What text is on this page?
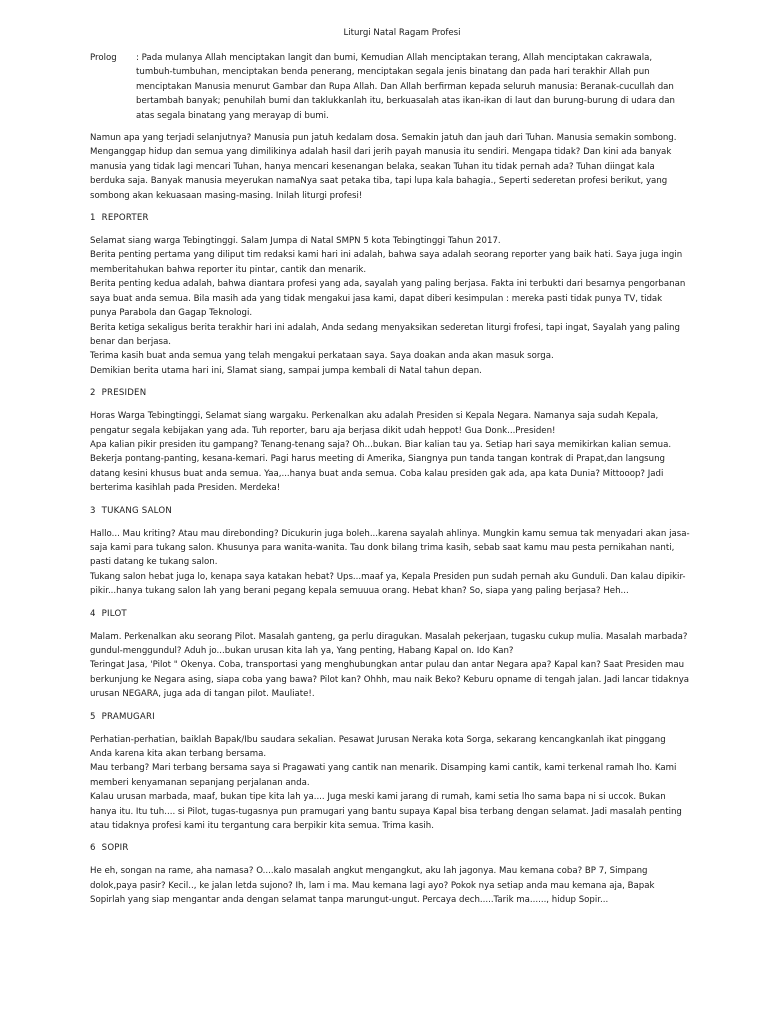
Liturgi Natal Ragam Profesi
Prolog	: Pada mulanya Allah menciptakan langit dan bumi, Kemudian Allah menciptakan terang, Allah menciptakan cakrawala, tumbuh-tumbuhan, menciptakan benda penerang, menciptakan segala jenis binatang dan pada hari terakhir Allah pun menciptakan Manusia menurut Gambar dan Rupa Allah. Dan Allah berfirman kepada seluruh manusia: Beranak-cucullah dan bertambah banyak; penuhilah bumi dan taklukkanlah itu, berkuasalah atas ikan-ikan di laut dan burung-burung di udara dan atas segala binatang yang merayap di bumi.

Namun apa yang terjadi selanjutnya? Manusia pun jatuh kedalam dosa. Semakin jatuh dan jauh dari Tuhan. Manusia semakin sombong. Menganggap hidup dan semua yang dimilikinya adalah hasil dari jerih payah manusia itu sendiri. Mengapa tidak? Dan kini ada banyak manusia yang tidak lagi mencari Tuhan, hanya mencari kesenangan belaka, seakan Tuhan itu tidak pernah ada? Tuhan diingat kala berduka saja. Banyak manusia meyerukan namaNya saat petaka tiba, tapi lupa kala bahagia., Seperti sederetan profesi berikut, yang sombong akan kekuasaan masing-masing. Inilah liturgi profesi!

1 REPORTER

Selamat siang warga Tebingtinggi. Salam Jumpa di Natal SMPN 5 kota Tebingtinggi Tahun 2017.

Berita penting pertama yang diliput tim redaksi kami hari ini adalah, bahwa saya adalah seorang reporter yang baik hati. Saya juga ingin memberitahukan bahwa reporter itu pintar, cantik dan menarik.

Berita penting kedua adalah, bahwa diantara profesi yang ada, sayalah yang paling berjasa. Fakta ini terbukti dari besarnya pengorbanan saya buat anda semua. Bila masih ada yang tidak mengakui jasa kami, dapat diberi kesimpulan : mereka pasti tidak punya TV, tidak punya Parabola dan Gagap Teknologi.

Berita ketiga sekaligus berita terakhir hari ini adalah, Anda sedang menyaksikan sederetan liturgi frofesi, tapi ingat, Sayalah yang paling benar dan berjasa.

Terima kasih buat anda semua yang telah mengakui perkataan saya. Saya doakan anda akan masuk sorga.

Demikian berita utama hari ini, Slamat siang, sampai jumpa kembali di Natal tahun depan.

2 PRESIDEN

Horas Warga Tebingtinggi, Selamat siang wargaku. Perkenalkan aku adalah Presiden si Kepala Negara. Namanya saja sudah Kepala, pengatur segala kebijakan yang ada. Tuh reporter, baru aja berjasa dikit udah heppot! Gua Donk...Presiden!

Apa kalian pikir presiden itu gampang? Tenang-tenang saja? Oh...bukan. Biar kalian tau ya. Setiap hari saya memikirkan kalian semua. Bekerja pontang-panting, kesana-kemari. Pagi harus meeting di Amerika, Siangnya pun tanda tangan kontrak di Prapat,dan langsung datang kesini khusus buat anda semua. Yaa,...hanya buat anda semua. Coba kalau presiden gak ada, apa kata Dunia? Mittooop? Jadi berterima kasihlah pada Presiden. Merdeka!

3 TUKANG SALON

Hallo... Mau kriting? Atau mau direbonding? Dicukurin juga boleh...karena sayalah ahlinya. Mungkin kamu semua tak menyadari akan jasa-saja kami para tukang salon. Khusunya para wanita-wanita. Tau donk bilang trima kasih, sebab saat kamu mau pesta pernikahan nanti, pasti datang ke tukang salon.

Tukang salon hebat juga lo, kenapa saya katakan hebat? Ups...maaf ya, Kepala Presiden pun sudah pernah aku Gunduli. Dan kalau dipikir-pikir...hanya tukang salon lah yang berani pegang kepala semuuua orang. Hebat khan? So, siapa yang paling berjasa? Heh...

4 PILOT

Malam. Perkenalkan aku seorang Pilot. Masalah ganteng, ga perlu diragukan. Masalah pekerjaan, tugasku cukup mulia. Masalah marbada? gundul-menggundul? Aduh jo...bukan urusan kita lah ya, Yang penting, Habang Kapal on. Ido Kan?

Teringat Jasa, 'Pilot " Okenya. Coba, transportasi yang menghubungkan antar pulau dan antar Negara apa? Kapal kan? Saat Presiden mau berkunjung ke Negara asing, siapa coba yang bawa? Pilot kan? Ohhh, mau naik Beko? Keburu opname di tengah jalan. Jadi lancar tidaknya urusan NEGARA, juga ada di tangan pilot. Mauliate!.

5 PRAMUGARI

Perhatian-perhatian, baiklah Bapak/Ibu saudara sekalian. Pesawat Jurusan Neraka kota Sorga, sekarang kencangkanlah ikat pinggang Anda karena kita akan terbang bersama.

Mau terbang? Mari terbang bersama saya si Pragawati yang cantik nan menarik. Disamping kami cantik, kami terkenal ramah lho. Kami memberi kenyamanan sepanjang perjalanan anda.

Kalau urusan marbada, maaf, bukan tipe kita lah ya.... Juga meski kami jarang di rumah, kami setia lho sama bapa ni si uccok. Bukan hanya itu. Itu tuh.... si Pilot, tugas-tugasnya pun pramugari yang bantu supaya Kapal bisa terbang dengan selamat. Jadi masalah penting atau tidaknya profesi kami itu tergantung cara berpikir kita semua. Trima kasih.

6 SOPIR

He eh, songan na rame, aha namasa? O....kalo masalah angkut mengangkut, aku lah jagonya. Mau kemana coba? BP 7, Simpang dolok,paya pasir? Kecil.., ke jalan letda sujono? Ih, lam i ma. Mau kemana lagi ayo? Pokok nya setiap anda mau kemana aja, Bapak Sopirlah yang siap mengantar anda dengan selamat tanpa marungut-ungut. Percaya dech.....Tarik ma......, hidup Sopir...
